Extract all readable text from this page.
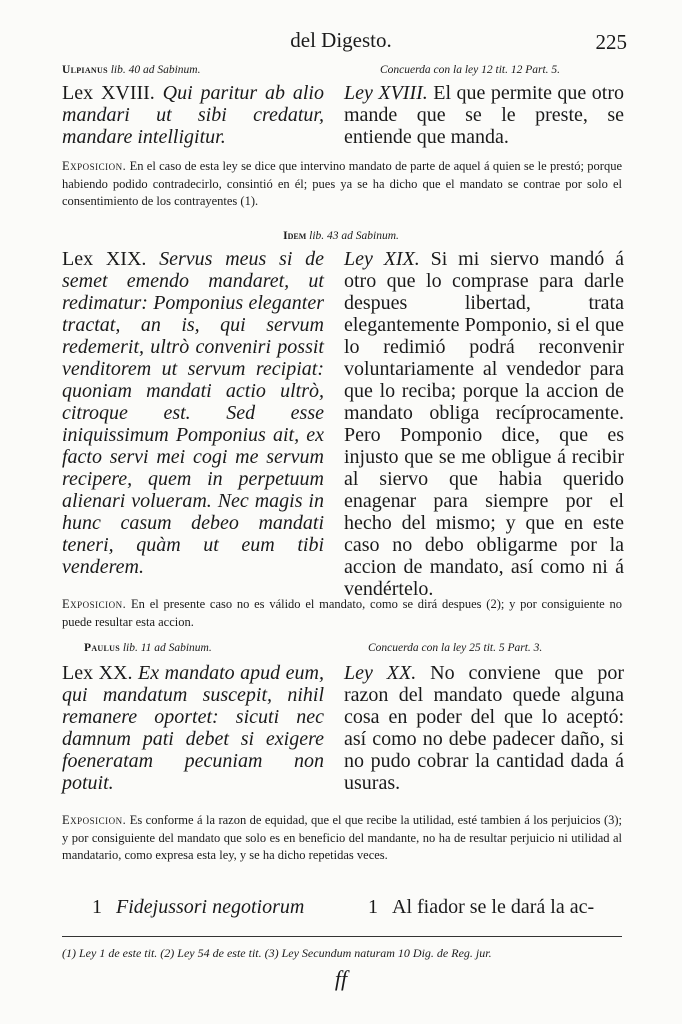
del Digesto.	225
Ulpianus lib. 40 ad Sabinum.	Concuerda con la ley 12 tit. 12 Part. 5.
Lex XVIII. Qui paritur ab alio mandari ut sibi credatur, mandare intelligitur.
Ley XVIII. El que permite que otro mande que se le preste, se entiende que manda.
Exposicion. En el caso de esta ley se dice que intervino mandato de parte de aquel á quien se le prestó; porque habiendo podido contradecirlo, consintió en él; pues ya se ha dicho que el mandato se contrae por solo el consentimiento de los contrayentes (1).
Idem lib. 43 ad Sabinum.
Lex XIX. Servus meus si de semet emendo mandaret, ut redimatur: Pomponius eleganter tractat, an is, qui servum redemerit, ultrò conveniri possit venditorem ut servum recipiat: quoniam mandati actio ultrò, citroque est. Sed esse iniquissimum Pomponius ait, ex facto servi mei cogi me servum recipere, quem in perpetuum alienari volueram. Nec magis in hunc casum debeo mandati teneri, quàm ut eum tibi venderem.
Ley XIX. Si mi siervo mandó á otro que lo comprase para darle despues libertad, trata elegantemente Pomponio, si el que lo redimió podrá reconvenir voluntariamente al vendedor para que lo reciba; porque la accion de mandato obliga recíprocamente. Pero Pomponio dice, que es injusto que se me obligue á recibir al siervo que habia querido enagenar para siempre por el hecho del mismo; y que en este caso no debo obligarme por la accion de mandato, así como ni á vendértelo.
Exposicion. En el presente caso no es válido el mandato, como se dirá despues (2); y por consiguiente no puede resultar esta accion.
Paulus lib. 11 ad Sabinum.	Concuerda con la ley 25 tit. 5 Part. 3.
Lex XX. Ex mandato apud eum, qui mandatum suscepit, nihil remanere oportet: sicuti nec damnum pati debet si exigere foeneratam pecuniam non potuit.
Ley XX. No conviene que por razon del mandato quede alguna cosa en poder del que lo aceptó: así como no debe padecer daño, si no pudo cobrar la cantidad dada á usuras.
Exposicion. Es conforme á la razon de equidad, que el que recibe la utilidad, esté tambien á los perjuicios (3); y por consiguiente del mandato que solo es en beneficio del mandante, no ha de resultar perjuicio ni utilidad al mandatario, como expresa esta ley, y se ha dicho repetidas veces.
1 Fidejussori negotiorum	1 Al fiador se le dará la ac-
(1) Ley 1 de este tit. (2) Ley 54 de este tit. (3) Ley Secundum naturam 10 Dig. de Reg. jur.
ff
